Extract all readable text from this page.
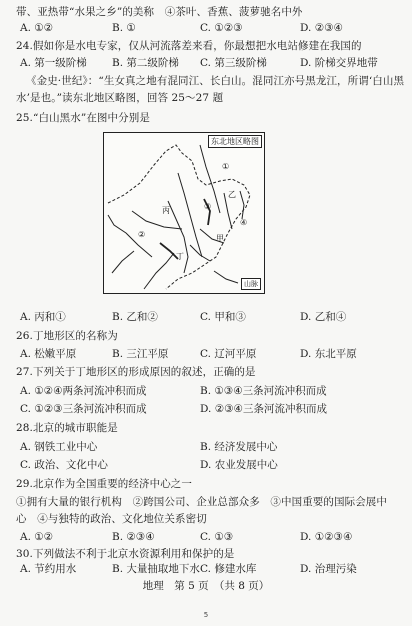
带、亚热带“水果之乡”的美称　④茶叶、香蕉、菠萝驰名中外
A. ①②	B. ①	C. ①②③	D. ②③④
24.假如你是水电专家，仅从河流落差来看，你最想把水电站修建在我国的
A. 第一级阶梯 B. 第二级阶梯 C. 第三级阶梯	D. 阶梯交界地带
《金史·世纪》：“生女真之地有混同江、长白山。混同江亦号黑龙江，所谓‘白山黑
水’是也。”读东北地区略图，回答 25～27 题
25.“白山黑水”在图中分别是
丙
乙
甲
丁
①
②
③
④
东北地区略图
山脉
A. 丙和①	B. 乙和②	C. 甲和③	D. 乙和④
26.丁地形区的名称为
A. 松嫩平原	B. 三江平原	C. 辽河平原	D. 东北平原
27.下列关于丁地形区的形成原因的叙述，正确的是
A. ①②④两条河流冲积而成	B. ①③④三条河流冲积而成
C. ①②③三条河流冲积而成	D. ②③④三条河流冲积而成
28.北京的城市职能是
A. 钢铁工业中心	B. 经济发展中心
C. 政治、文化中心	D. 农业发展中心
29.北京作为全国重要的经济中心之一
①拥有大量的银行机构　②跨国公司、企业总部众多　③中国重要的国际会展中
心　④与独特的政治、文化地位关系密切
A. ①②	B. ②③④	C. ①③	D. ①②③④
30.下列做法不利于北京水资源利用和保护的是
A. 节约用水	B. 大量抽取地下水 C. 修建水库	D. 治理污染
地理　第 5 页　（共 8 页）
5
